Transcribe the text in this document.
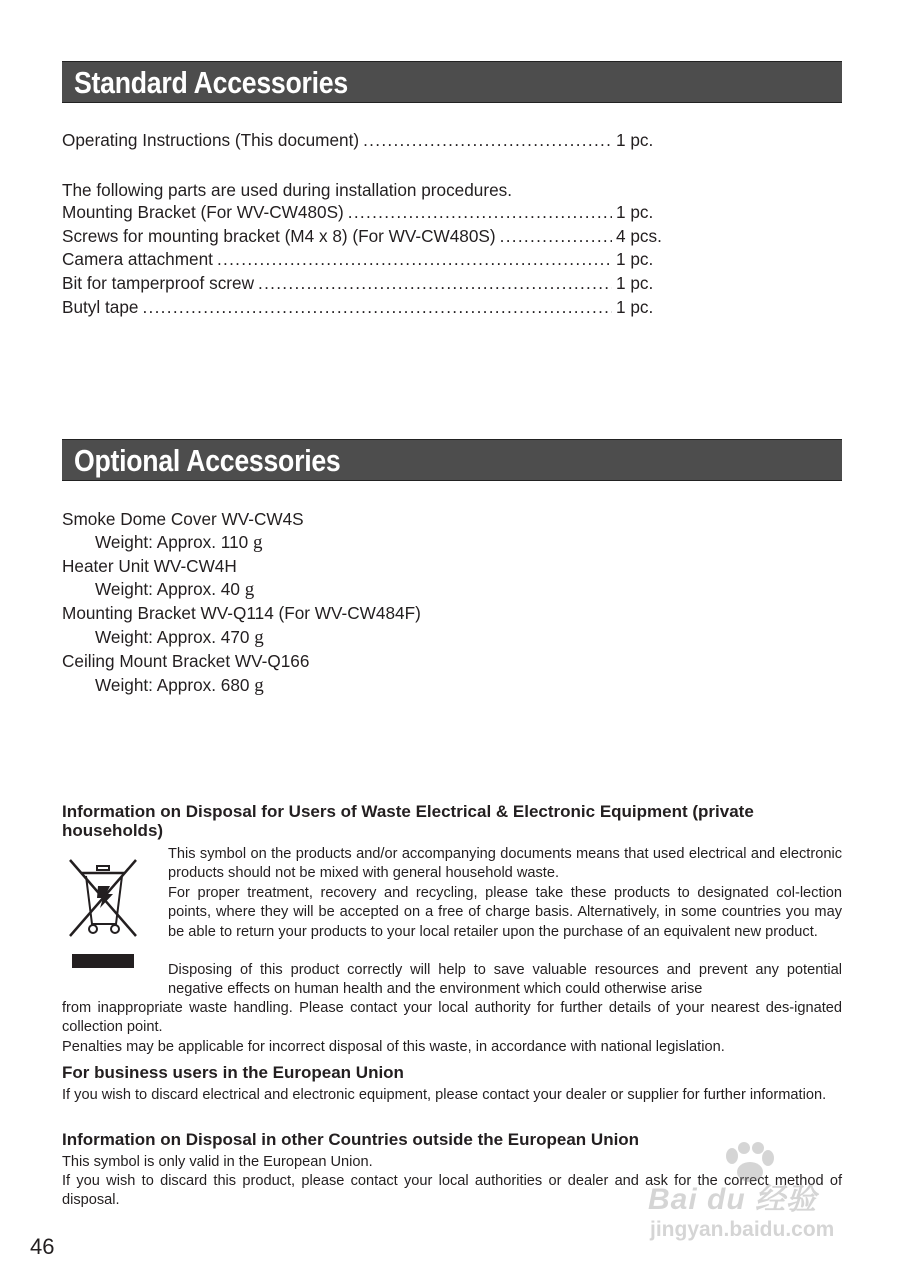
Standard Accessories
Operating Instructions (This document) .....	1 pc.
The following parts are used during installation procedures.
Mounting Bracket (For WV-CW480S) .....	1 pc.
Screws for mounting bracket (M4 x 8) (For WV-CW480S) .....	4 pcs.
Camera attachment .....	1 pc.
Bit for tamperproof screw .....	1 pc.
Butyl tape .....	1 pc.
Optional Accessories
Smoke Dome Cover WV-CW4S
Weight: Approx. 110 g
Heater Unit WV-CW4H
Weight: Approx. 40 g
Mounting Bracket WV-Q114 (For WV-CW484F)
Weight: Approx. 470 g
Ceiling Mount Bracket WV-Q166
Weight: Approx. 680 g
Information on Disposal for Users of Waste Electrical & Electronic Equipment (private households)
This symbol on the products and/or accompanying documents means that used electrical and electronic products should not be mixed with general household waste.
For proper treatment, recovery and recycling, please take these products to designated col-lection points, where they will be accepted on a free of charge basis. Alternatively, in some countries you may be able to return your products to your local retailer upon the purchase of an equivalent new product.
Disposing of this product correctly will help to save valuable resources and prevent any potential negative effects on human health and the environment which could otherwise arise
from inappropriate waste handling. Please contact your local authority for further details of your nearest des-ignated collection point.
Penalties may be applicable for incorrect disposal of this waste, in accordance with national legislation.
For business users in the European Union
If you wish to discard electrical and electronic equipment, please contact your dealer or supplier for further information.
Information on Disposal in other Countries outside the European Union
This symbol is only valid in the European Union.
If you wish to discard this product, please contact your local authorities or dealer and ask for the correct method of disposal.
46
Bai du 经验
jingyan.baidu.com
